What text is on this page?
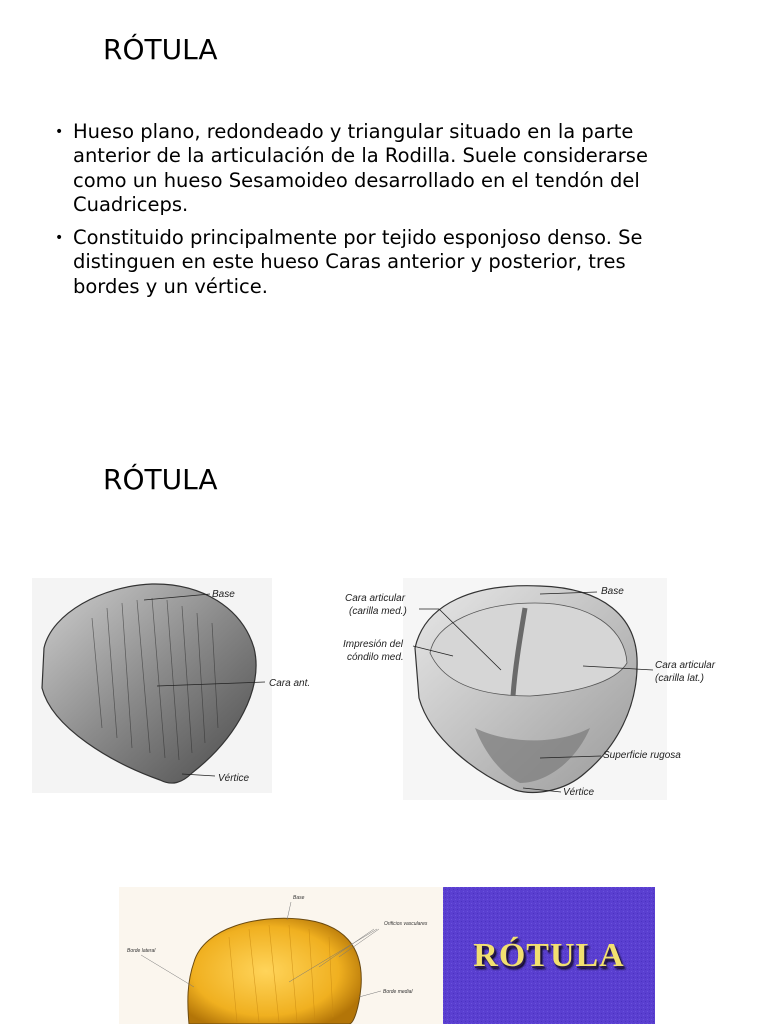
RÓTULA
• Hueso plano, redondeado y triangular situado en la parte anterior de la articulación de la Rodilla. Suele considerarse como un hueso Sesamoideo desarrollado en el tendón del Cuadriceps.
• Constituido principalmente por tejido esponjoso denso. Se distinguen en este hueso Caras anterior y posterior, tres bordes y un vértice.
RÓTULA
Base
Cara ant.
Vértice
Cara articular
(carilla med.)
Impresión del
cóndilo med.
Base
Cara articular
(carilla lat.)
Superficie rugosa
Vértice
Base
Orificios vasculares
Borde lateral
Borde medial
RÓTULA
